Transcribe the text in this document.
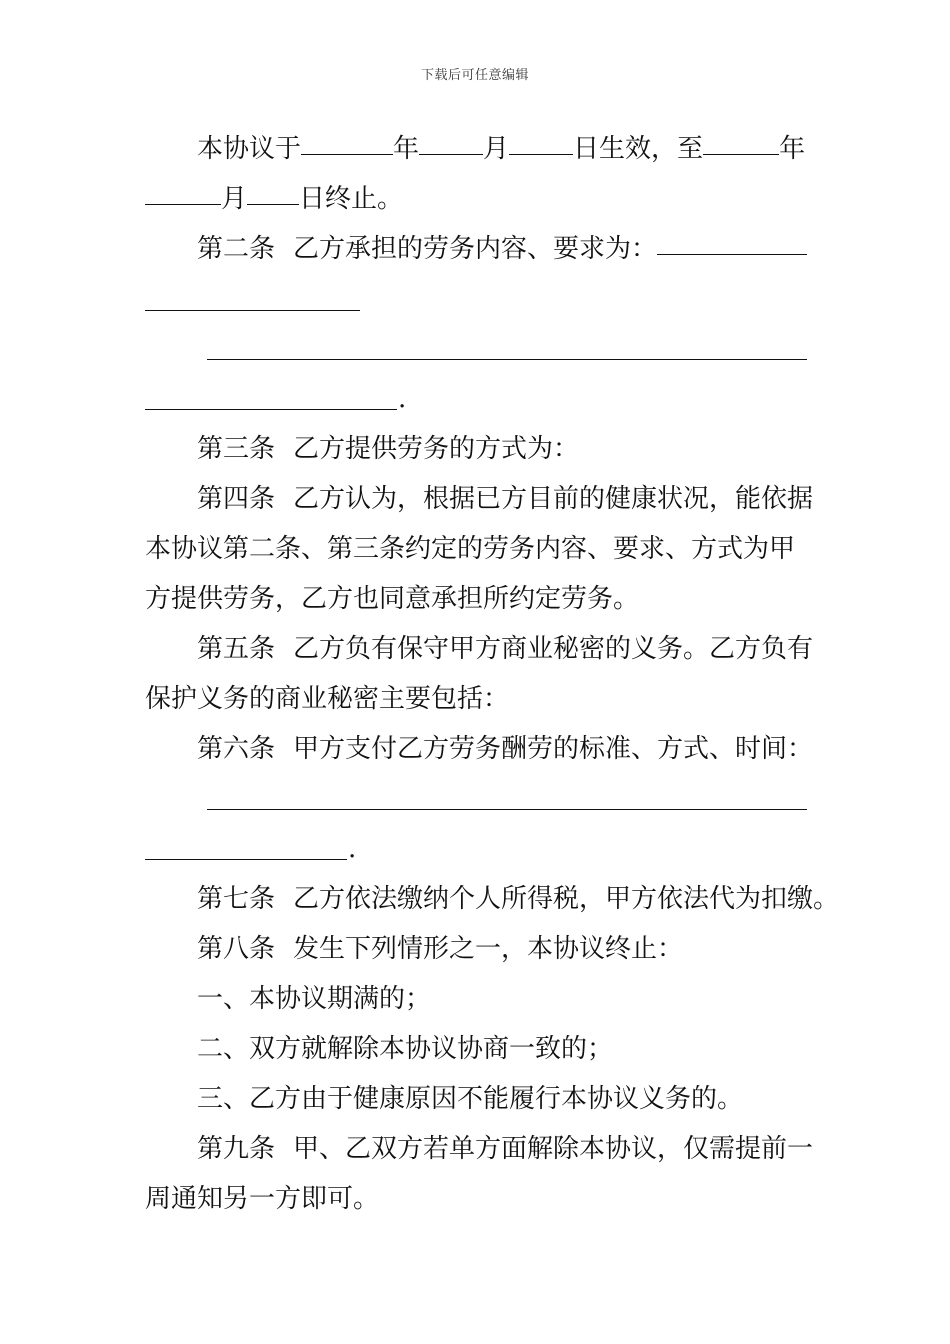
下载后可任意编辑
本协议于	年 月 日生效，至	年
月 日终止。
第二条 乙方承担的劳务内容、要求为：
.
第三条 乙方提供劳务的方式为：
第四条 乙方认为，根据已方目前的健康状况，能依据
本协议第二条、第三条约定的劳务内容、要求、方式为甲
方提供劳务，乙方也同意承担所约定劳务。
第五条 乙方负有保守甲方商业秘密的义务。乙方负有
保护义务的商业秘密主要包括：
第六条 甲方支付乙方劳务酬劳的标准、方式、时间：
.
第七条 乙方依法缴纳个人所得税，甲方依法代为扣缴。
第八条 发生下列情形之一，本协议终止：
一、本协议期满的；
二、双方就解除本协议协商一致的；
三、乙方由于健康原因不能履行本协议义务的。
第九条 甲、乙双方若单方面解除本协议，仅需提前一
周通知另一方即可。
